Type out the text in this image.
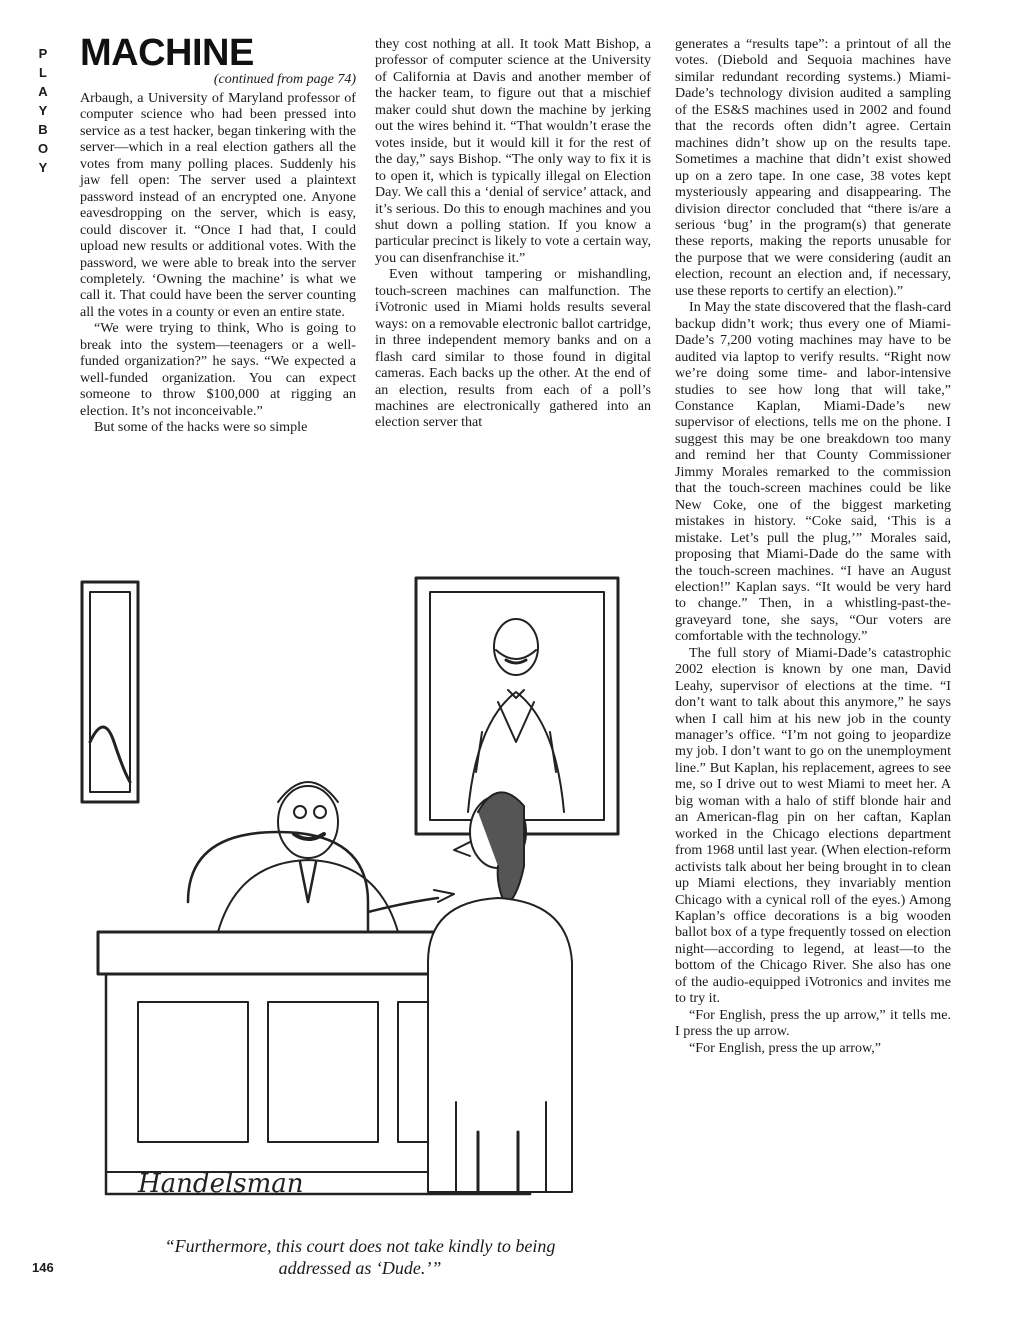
P
L
A
Y
B
O
Y
MACHINE
(continued from page 74)

Arbaugh, a University of Maryland professor of computer science who had been pressed into service as a test hacker, began tinkering with the server—which in a real election gathers all the votes from many polling places. Suddenly his jaw fell open: The server used a plaintext password instead of an encrypted one. Anyone eavesdropping on the server, which is easy, could discover it. “Once I had that, I could upload new results or additional votes. With the password, we were able to break into the server completely. ‘Owning the machine’ is what we call it. That could have been the server counting all the votes in a county or even an entire state.

“We were trying to think, Who is going to break into the system—teenagers or a well-funded organization?” he says. “We expected a well-funded organization. You can expect someone to throw $100,000 at rigging an election. It’s not inconceivable.”

But some of the hacks were so simple

they cost nothing at all. It took Matt Bishop, a professor of computer science at the University of California at Davis and another member of the hacker team, to figure out that a mischief maker could shut down the machine by jerking out the wires behind it. “That wouldn’t erase the votes inside, but it would kill it for the rest of the day,” says Bishop. “The only way to fix it is to open it, which is typically illegal on Election Day. We call this a ‘denial of service’ attack, and it’s serious. Do this to enough machines and you shut down a polling station. If you know a particular precinct is likely to vote a certain way, you can disenfranchise it.”

Even without tampering or mishandling, touch-screen machines can malfunction. The iVotronic used in Miami holds results several ways: on a removable electronic ballot cartridge, in three independent memory banks and on a flash card similar to those found in digital cameras. Each backs up the other. At the end of an election, results from each of a poll’s machines are electronically gathered into an election server that

generates a “results tape”: a printout of all the votes. (Diebold and Sequoia machines have similar redundant recording systems.) Miami-Dade’s technology division audited a sampling of the ES&S machines used in 2002 and found that the records often didn’t agree. Certain machines didn’t show up on the results tape. Sometimes a machine that didn’t exist showed up on a zero tape. In one case, 38 votes kept mysteriously appearing and disappearing. The division director concluded that “there is/are a serious ‘bug’ in the program(s) that generate these reports, making the reports unusable for the purpose that we were considering (audit an election, recount an election and, if necessary, use these reports to certify an election).”

In May the state discovered that the flash-card backup didn’t work; thus every one of Miami-Dade’s 7,200 voting machines may have to be audited via laptop to verify results. “Right now we’re doing some time- and labor-intensive studies to see how long that will take,” Constance Kaplan, Miami-Dade’s new supervisor of elections, tells me on the phone. I suggest this may be one breakdown too many and remind her that County Commissioner Jimmy Morales remarked to the commission that the touch-screen machines could be like New Coke, one of the biggest marketing mistakes in history. “Coke said, ‘This is a mistake. Let’s pull the plug,’” Morales said, proposing that Miami-Dade do the same with the touch-screen machines. “I have an August election!” Kaplan says. “It would be very hard to change.” Then, in a whistling-past-the-graveyard tone, she says, “Our voters are comfortable with the technology.”

The full story of Miami-Dade’s catastrophic 2002 election is known by one man, David Leahy, supervisor of elections at the time. “I don’t want to talk about this anymore,” he says when I call him at his new job in the county manager’s office. “I’m not going to jeopardize my job. I don’t want to go on the unemployment line.” But Kaplan, his replacement, agrees to see me, so I drive out to west Miami to meet her. A big woman with a halo of stiff blonde hair and an American-flag pin on her caftan, Kaplan worked in the Chicago elections department from 1968 until last year. (When election-reform activists talk about her being brought in to clean up Miami elections, they invariably mention Chicago with a cynical roll of the eyes.) Among Kaplan’s office decorations is a big wooden ballot box of a type frequently tossed on election night—according to legend, at least—to the bottom of the Chicago River. She also has one of the audio-equipped iVotronics and invites me to try it.

“For English, press the up arrow,” it tells me. I press the up arrow.

“For English, press the up arrow,”

Handelsman
“Furthermore, this court does not take kindly to being
addressed as ‘Dude.’”
146
